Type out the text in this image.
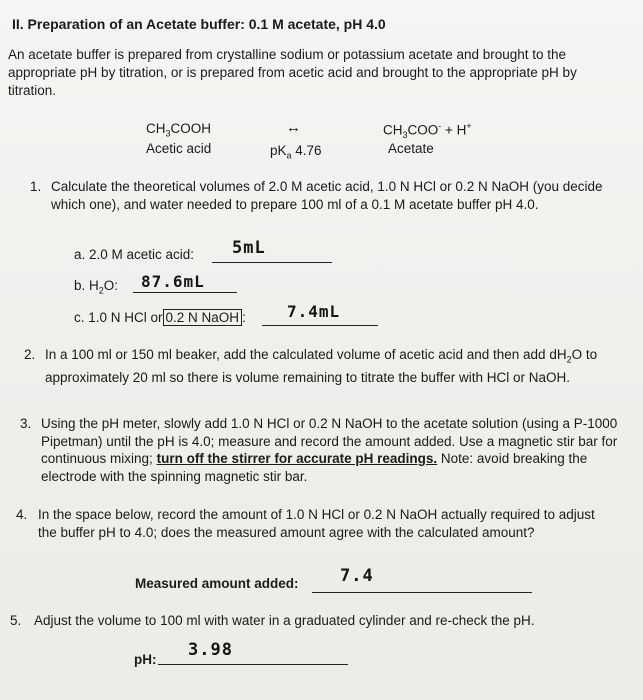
II. Preparation of an Acetate buffer: 0.1 M acetate, pH 4.0
An acetate buffer is prepared from crystalline sodium or potassium acetate and brought to the appropriate pH by titration, or is prepared from acetic acid and brought to the appropriate pH by titration.
$CH_3COOH$
Acetic acid
↔
$pK_a$ 4.76
$CH_3COO^- + H^+$
Acetate
1. Calculate the theoretical volumes of 2.0 M acetic acid, 1.0 N HCl or 0.2 N NaOH (you decide which one), and water needed to prepare 100 ml of a 0.1 M acetate buffer pH 4.0.
a. 2.0 M acetic acid: 5mL
b. $H_2O$: 87.6mL
c. 1.0 N HCl or 0.2 N NaOH :	7.4mL
2. In a 100 ml or 150 ml beaker, add the calculated volume of acetic acid and then add $dH_2O$ to approximately 20 ml so there is volume remaining to titrate the buffer with HCl or NaOH.
3. Using the pH meter, slowly add 1.0 N HCl or 0.2 N NaOH to the acetate solution (using a P-1000 Pipetman) until the pH is 4.0; measure and record the amount added. Use a magnetic stir bar for continuous mixing; turn off the stirrer for accurate pH readings. Note: avoid breaking the electrode with the spinning magnetic stir bar.
4. In the space below, record the amount of 1.0 N HCl or 0.2 N NaOH actually required to adjust the buffer pH to 4.0; does the measured amount agree with the calculated amount?
Measured amount added: 7.4
5. Adjust the volume to 100 ml with water in a graduated cylinder and re-check the pH.
pH: 3.98
